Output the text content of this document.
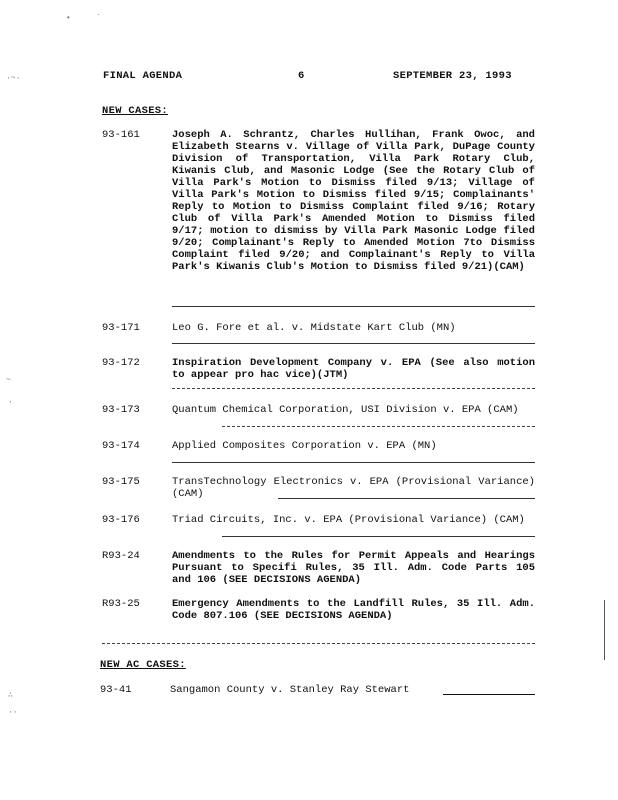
•	`
·~·
~
·
∴
··
FINAL AGENDA	6	SEPTEMBER 23, 1993
NEW CASES:
93-161	Joseph A. Schrantz, Charles Hullihan, Frank Owoc, and Elizabeth Stearns v. Village of Villa Park, DuPage County Division of Transportation, Villa Park Rotary Club, Kiwanis Club, and Masonic Lodge (See the Rotary Club of Villa Park's Motion to Dismiss filed 9/13; Village of Villa Park's Motion to Dismiss filed 9/15; Complainants' Reply to Motion to Dismiss Complaint filed 9/16; Rotary Club of Villa Park's Amended Motion to Dismiss filed 9/17; motion to dismiss by Villa Park Masonic Lodge filed 9/20; Complainant's Reply to Amended Motion 7to Dismiss Complaint filed 9/20; and Complainant's Reply to Villa Park's Kiwanis Club's Motion to Dismiss filed 9/21)(CAM)
93-171	Leo G. Fore et al. v. Midstate Kart Club (MN)
93-172	Inspiration Development Company v. EPA (See also motion to appear pro hac vice)(JTM)
93-173	Quantum Chemical Corporation, USI Division v. EPA (CAM)
93-174	Applied Composites Corporation v. EPA (MN)
93-175	TransTechnology Electronics v. EPA (Provisional Variance)(CAM)
93-176	Triad Circuits, Inc. v. EPA (Provisional Variance) (CAM)
R93-24	Amendments to the Rules for Permit Appeals and Hearings Pursuant to Specifi Rules, 35 Ill. Adm. Code Parts 105 and 106 (SEE DECISIONS AGENDA)
R93-25	Emergency Amendments to the Landfill Rules, 35 Ill. Adm. Code 807.106 (SEE DECISIONS AGENDA)
NEW AC CASES:
93-41	Sangamon County v. Stanley Ray Stewart
